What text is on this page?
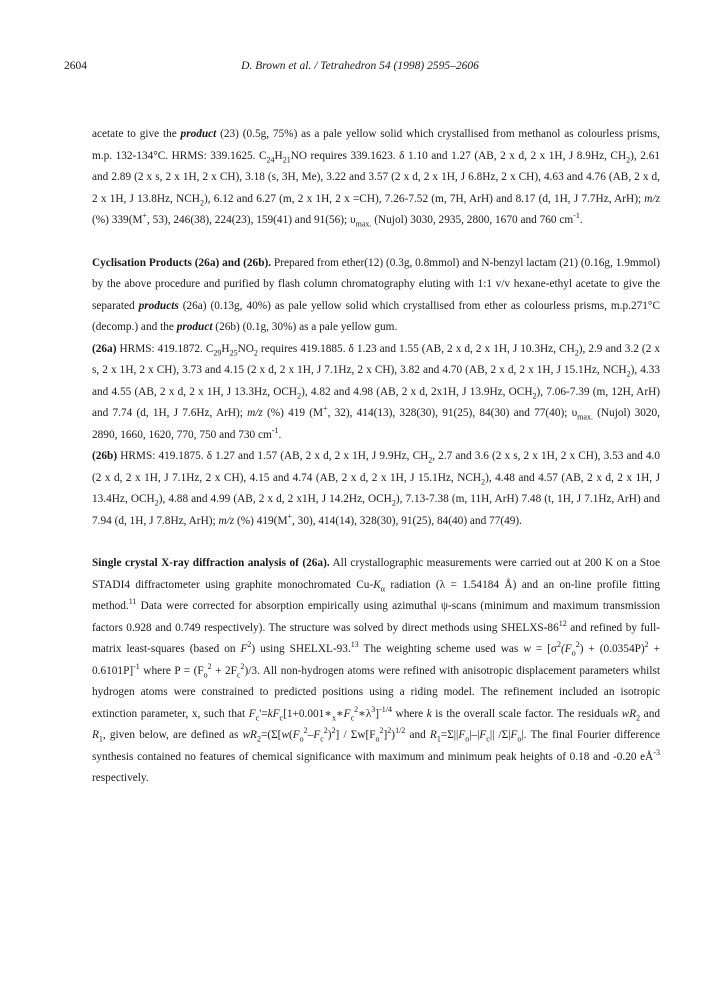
2604	D. Brown et al. / Tetrahedron 54 (1998) 2595–2606

acetate to give the product (23) (0.5g, 75%) as a pale yellow solid which crystallised from methanol as colourless prisms, m.p. 132-134°C. HRMS: 339.1625. $C_{24}H_{21}NO$ requires 339.1623. δ 1.10 and 1.27 (AB, 2 x d, 2 x 1H, J 8.9Hz, $CH_2$), 2.61 and 2.89 (2 x s, 2 x 1H, 2 x CH), 3.18 (s, 3H, Me), 3.22 and 3.57 (2 x d, 2 x 1H, J 6.8Hz, 2 x CH), 4.63 and 4.76 (AB, 2 x d, 2 x 1H, J 13.8Hz, $NCH_2$), 6.12 and 6.27 (m, 2 x 1H, 2 x =CH), 7.26-7.52 (m, 7H, ArH) and 8.17 (d, 1H, J 7.7Hz, ArH); m/z (%) 339(M+, 53), 246(38), 224(23), 159(41) and 91(56); $\upsilon_{max.}$ (Nujol) 3030, 2935, 2800, 1670 and 760 $cm^{-1}$.

Cyclisation Products (26a) and (26b). Prepared from ether(12) (0.3g, 0.8mmol) and N-benzyl lactam (21) (0.16g, 1.9mmol) by the above procedure and purified by flash column chromatography eluting with 1:1 v/v hexane-ethyl acetate to give the separated products (26a) (0.13g, 40%) as pale yellow solid which crystallised from ether as colourless prisms, m.p.271°C (decomp.) and the product (26b) (0.1g, 30%) as a pale yellow gum.

(26a) HRMS: 419.1872. $C_{29}H_{25}NO_2$ requires 419.1885. δ 1.23 and 1.55 (AB, 2 x d, 2 x 1H, J 10.3Hz, $CH_2$), 2.9 and 3.2 (2 x s, 2 x 1H, 2 x CH), 3.73 and 4.15 (2 x d, 2 x 1H, J 7.1Hz, 2 x CH), 3.82 and 4.70 (AB, 2 x d, 2 x 1H, J 15.1Hz, $NCH_2$), 4.33 and 4.55 (AB, 2 x d, 2 x 1H, J 13.3Hz, $OCH_2$), 4.82 and 4.98 (AB, 2 x d, 2x1H, J 13.9Hz, $OCH_2$), 7.06-7.39 (m, 12H, ArH) and 7.74 (d, 1H, J 7.6Hz, ArH); m/z (%) 419 (M+, 32), 414(13), 328(30), 91(25), 84(30) and 77(40); $\upsilon_{max.}$ (Nujol) 3020, 2890, 1660, 1620, 770, 750 and 730 $cm^{-1}$.

(26b) HRMS: 419.1875. δ 1.27 and 1.57 (AB, 2 x d, 2 x 1H, J 9.9Hz, $CH_2$, 2.7 and 3.6 (2 x s, 2 x 1H, 2 x CH), 3.53 and 4.0 (2 x d, 2 x 1H, J 7.1Hz, 2 x CH), 4.15 and 4.74 (AB, 2 x d, 2 x 1H, J 15.1Hz, $NCH_2$), 4.48 and 4.57 (AB, 2 x d, 2 x 1H, J 13.4Hz, $OCH_2$), 4.88 and 4.99 (AB, 2 x d, 2 x1H, J 14.2Hz, $OCH_2$), 7.13-7.38 (m, 11H, ArH) 7.48 (t, 1H, J 7.1Hz, ArH) and 7.94 (d, 1H, J 7.8Hz, ArH); m/z (%) 419(M+, 30), 414(14), 328(30), 91(25), 84(40) and 77(49).

Single crystal X-ray diffraction analysis of (26a). All crystallographic measurements were carried out at 200 K on a Stoe STADI4 diffractometer using graphite monochromated $Cu-K_\alpha$ radiation (λ = 1.54184 Å) and an on-line profile fitting method.$^{11}$ Data were corrected for absorption empirically using azimuthal ψ-scans (minimum and maximum transmission factors 0.928 and 0.749 respectively). The structure was solved by direct methods using SHELXS-$86^{12}$ and refined by full-matrix least-squares (based on $F^2$) using SHELXL-93.13 The weighting scheme used was $w = [\sigma^2(F_o^2) + (0.0354P)^2 + 0.6101P]^{-1}$ where $P = (F_o^2 + 2F_c^2)/3$. All non-hydrogen atoms were refined with anisotropic displacement parameters whilst hydrogen atoms were constrained to predicted positions using a riding model. The refinement included an isotropic extinction parameter, x, such that $F_c'=kF_c[1+0.001∗_x∗F_c^2∗\lambda^3]^{-1/4}$ where k is the overall scale factor. The residuals $wR_2$ and $R_1$, given below, are defined as $wR_2=(\Sigma[w(F_o^2-F_c^2)^2] / \Sigma w[F_o^2]^2)^{1/2}$ and $R_1=\Sigma||F_o|-|F_c||$ $/\Sigma|F_o|$. The final Fourier difference synthesis contained no features of chemical significance with maximum and minimum peak heights of 0.18 and -0.20 $eÅ^{-3}$ respectively.
